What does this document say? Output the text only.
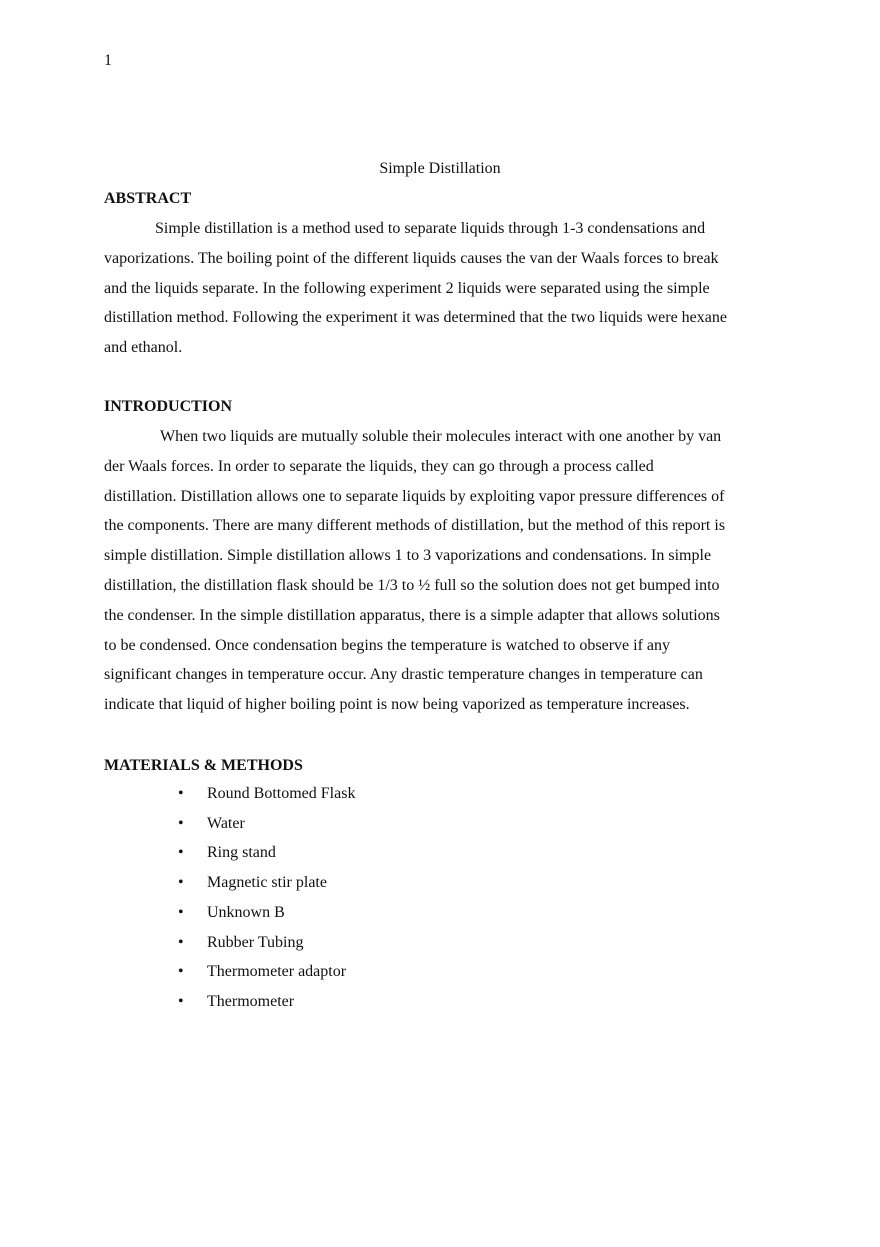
1
Simple Distillation
ABSTRACT
Simple distillation is a method used to separate liquids through 1-3 condensations and
vaporizations. The boiling point of the different liquids causes the van der Waals forces to break
and the liquids separate. In the following experiment 2 liquids were separated using the simple
distillation method. Following the experiment it was determined that the two liquids were hexane
and ethanol.
INTRODUCTION
When two liquids are mutually soluble their molecules interact with one another by van
der Waals forces. In order to separate the liquids, they can go through a process called
distillation. Distillation allows one to separate liquids by exploiting vapor pressure differences of
the components. There are many different methods of distillation, but the method of this report is
simple distillation. Simple distillation allows 1 to 3 vaporizations and condensations. In simple
distillation, the distillation flask should be 1/3 to ½ full so the solution does not get bumped into
the condenser. In the simple distillation apparatus, there is a simple adapter that allows solutions
to be condensed. Once condensation begins the temperature is watched to observe if any
significant changes in temperature occur. Any drastic temperature changes in temperature can
indicate that liquid of higher boiling point is now being vaporized as temperature increases.
MATERIALS & METHODS
• Round Bottomed Flask
• Water
• Ring stand
• Magnetic stir plate
• Unknown B
• Rubber Tubing
• Thermometer adaptor
• Thermometer
